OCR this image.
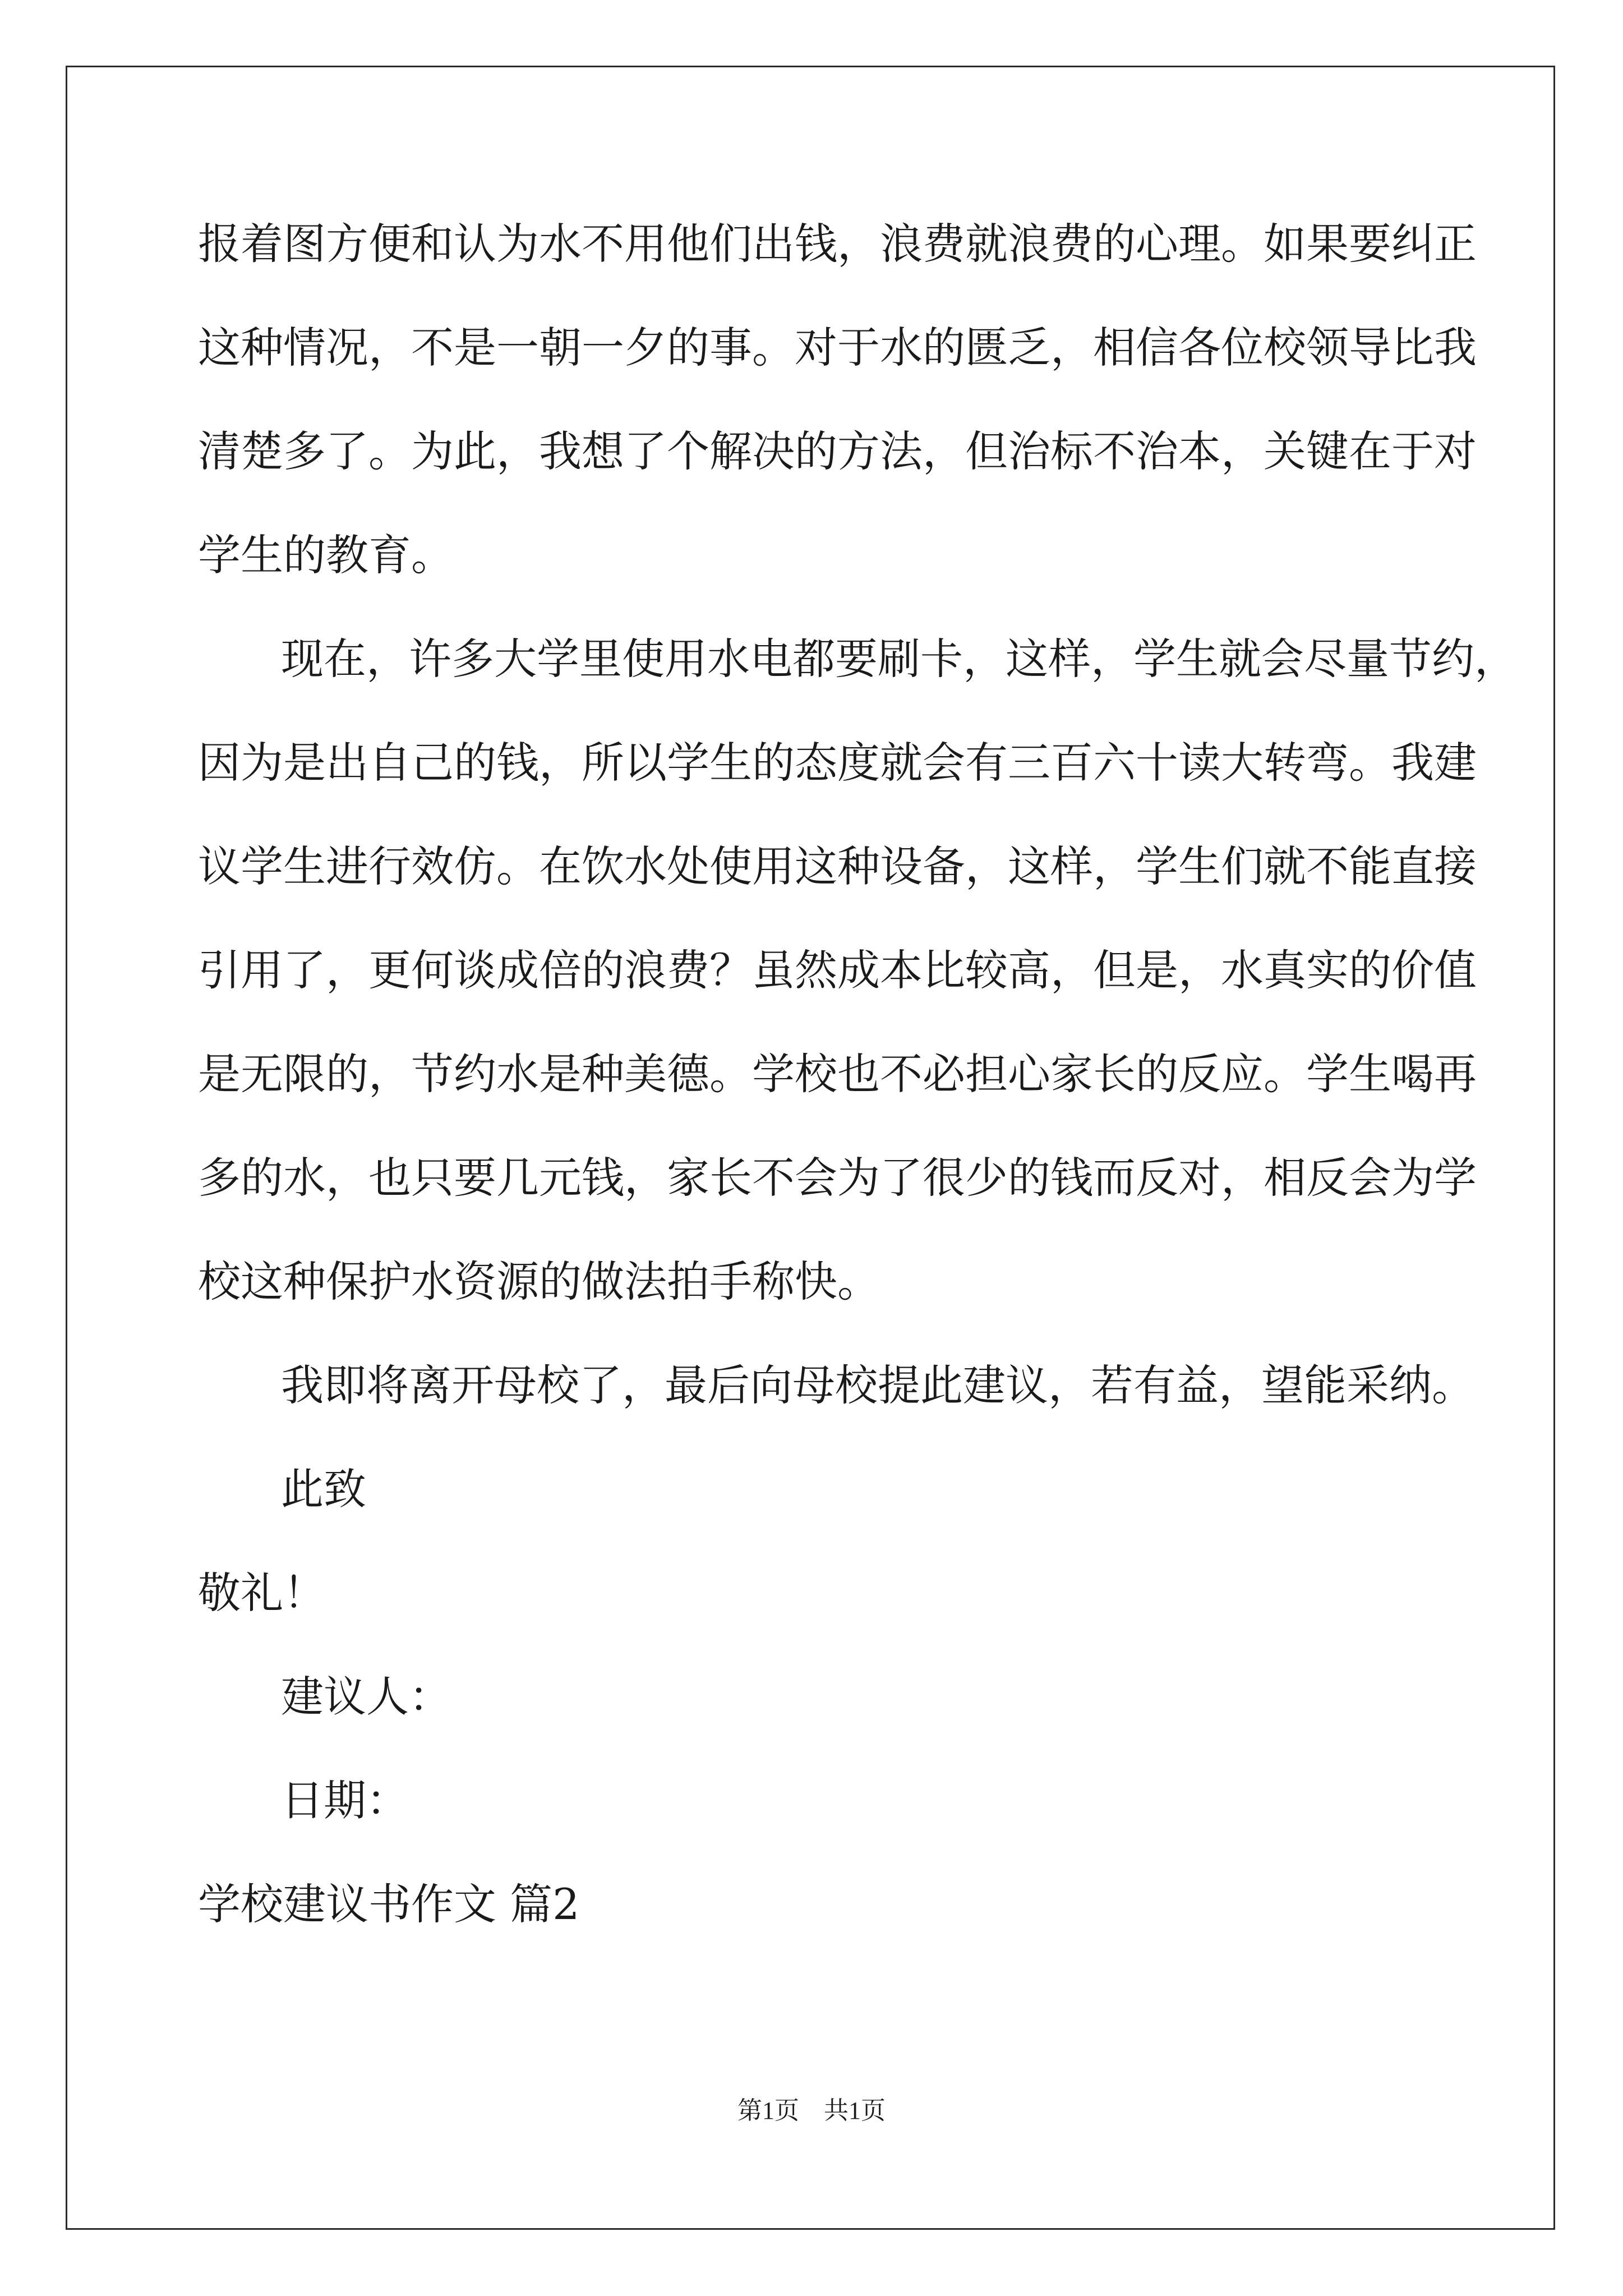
报着图方便和认为水不用他们出钱，浪费就浪费的心理。如果要纠正
这种情况，不是一朝一夕的事。对于水的匮乏，相信各位校领导比我
清楚多了。为此，我想了个解决的方法，但治标不治本，关键在于对
学生的教育。
现在，许多大学里使用水电都要刷卡，这样，学生就会尽量节约，
因为是出自己的钱，所以学生的态度就会有三百六十读大转弯。我建
议学生进行效仿。在饮水处使用这种设备，这样，学生们就不能直接
引用了，更何谈成倍的浪费？虽然成本比较高，但是，水真实的价值
是无限的，节约水是种美德。学校也不必担心家长的反应。学生喝再
多的水，也只要几元钱，家长不会为了很少的钱而反对，相反会为学
校这种保护水资源的做法拍手称快。
我即将离开母校了，最后向母校提此建议，若有益，望能采纳。
此致
敬礼！
建议人：
日期：
学校建议书作文 篇2
第1页 共1页
